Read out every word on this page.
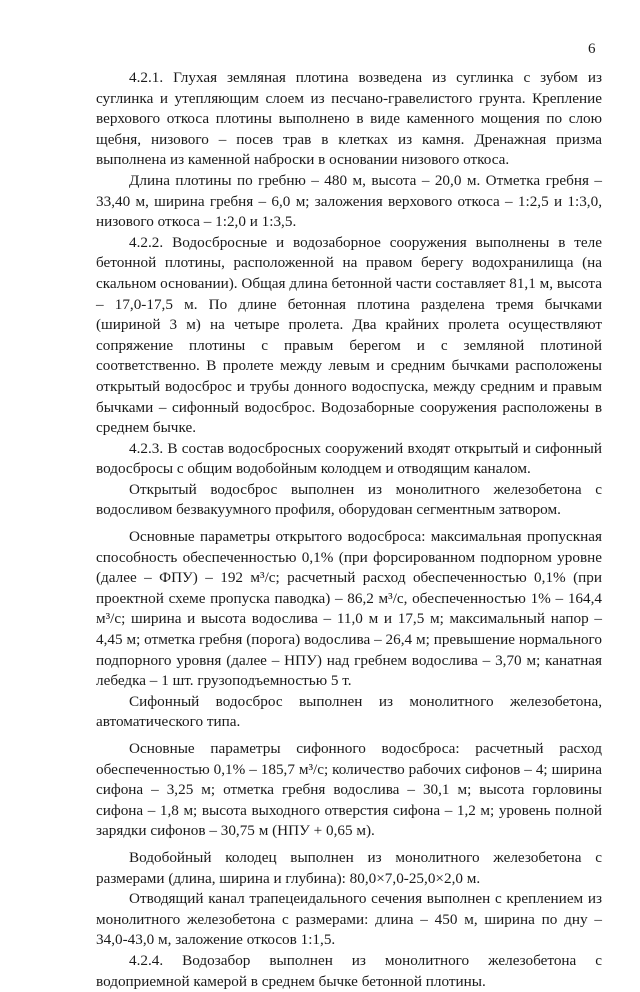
6

4.2.1. Глухая земляная плотина возведена из суглинка с зубом из суглинка и утепляющим слоем из песчано-гравелистого грунта. Крепление верхового откоса плотины выполнено в виде каменного мощения по слою щебня, низового – посев трав в клетках из камня. Дренажная призма выполнена из каменной наброски в основании низового откоса.

Длина плотины по гребню – 480 м, высота – 20,0 м. Отметка гребня – 33,40 м, ширина гребня – 6,0 м; заложения верхового откоса – 1:2,5 и 1:3,0, низового откоса – 1:2,0 и 1:3,5.

4.2.2. Водосбросные и водозаборное сооружения выполнены в теле бетонной плотины, расположенной на правом берегу водохранилища (на скальном основании). Общая длина бетонной части составляет 81,1 м, высота – 17,0-17,5 м. По длине бетонная плотина разделена тремя бычками (шириной 3 м) на четыре пролета. Два крайних пролета осуществляют сопряжение плотины с правым берегом и с земляной плотиной соответственно. В пролете между левым и средним бычками расположены открытый водосброс и трубы донного водоспуска, между средним и правым бычками – сифонный водосброс. Водозаборные сооружения расположены в среднем бычке.

4.2.3. В состав водосбросных сооружений входят открытый и сифонный водосбросы с общим водобойным колодцем и отводящим каналом.

Открытый водосброс выполнен из монолитного железобетона с водосливом безвакуумного профиля, оборудован сегментным затвором.

Основные параметры открытого водосброса: максимальная пропускная способность обеспеченностью 0,1% (при форсированном подпорном уровне (далее – ФПУ) – 192 м³/с; расчетный расход обеспеченностью 0,1% (при проектной схеме пропуска паводка) – 86,2 м³/с, обеспеченностью 1% – 164,4 м³/с; ширина и высота водослива – 11,0 м и 17,5 м; максимальный напор – 4,45 м; отметка гребня (порога) водослива – 26,4 м; превышение нормального подпорного уровня (далее – НПУ) над гребнем водослива – 3,70 м; канатная лебедка – 1 шт. грузоподъемностью 5 т.

Сифонный водосброс выполнен из монолитного железобетона, автоматического типа.

Основные параметры сифонного водосброса: расчетный расход обеспеченностью 0,1% – 185,7 м³/с; количество рабочих сифонов – 4; ширина сифона – 3,25 м; отметка гребня водослива – 30,1 м; высота горловины сифона – 1,8 м; высота выходного отверстия сифона – 1,2 м; уровень полной зарядки сифонов – 30,75 м (НПУ + 0,65 м).

Водобойный колодец выполнен из монолитного железобетона с размерами (длина, ширина и глубина): 80,0×7,0-25,0×2,0 м.

Отводящий канал трапецеидального сечения выполнен с креплением из монолитного железобетона с размерами: длина – 450 м, ширина по дну – 34,0-43,0 м, заложение откосов 1:1,5.

4.2.4. Водозабор выполнен из монолитного железобетона с водоприемной камерой в среднем бычке бетонной плотины.
